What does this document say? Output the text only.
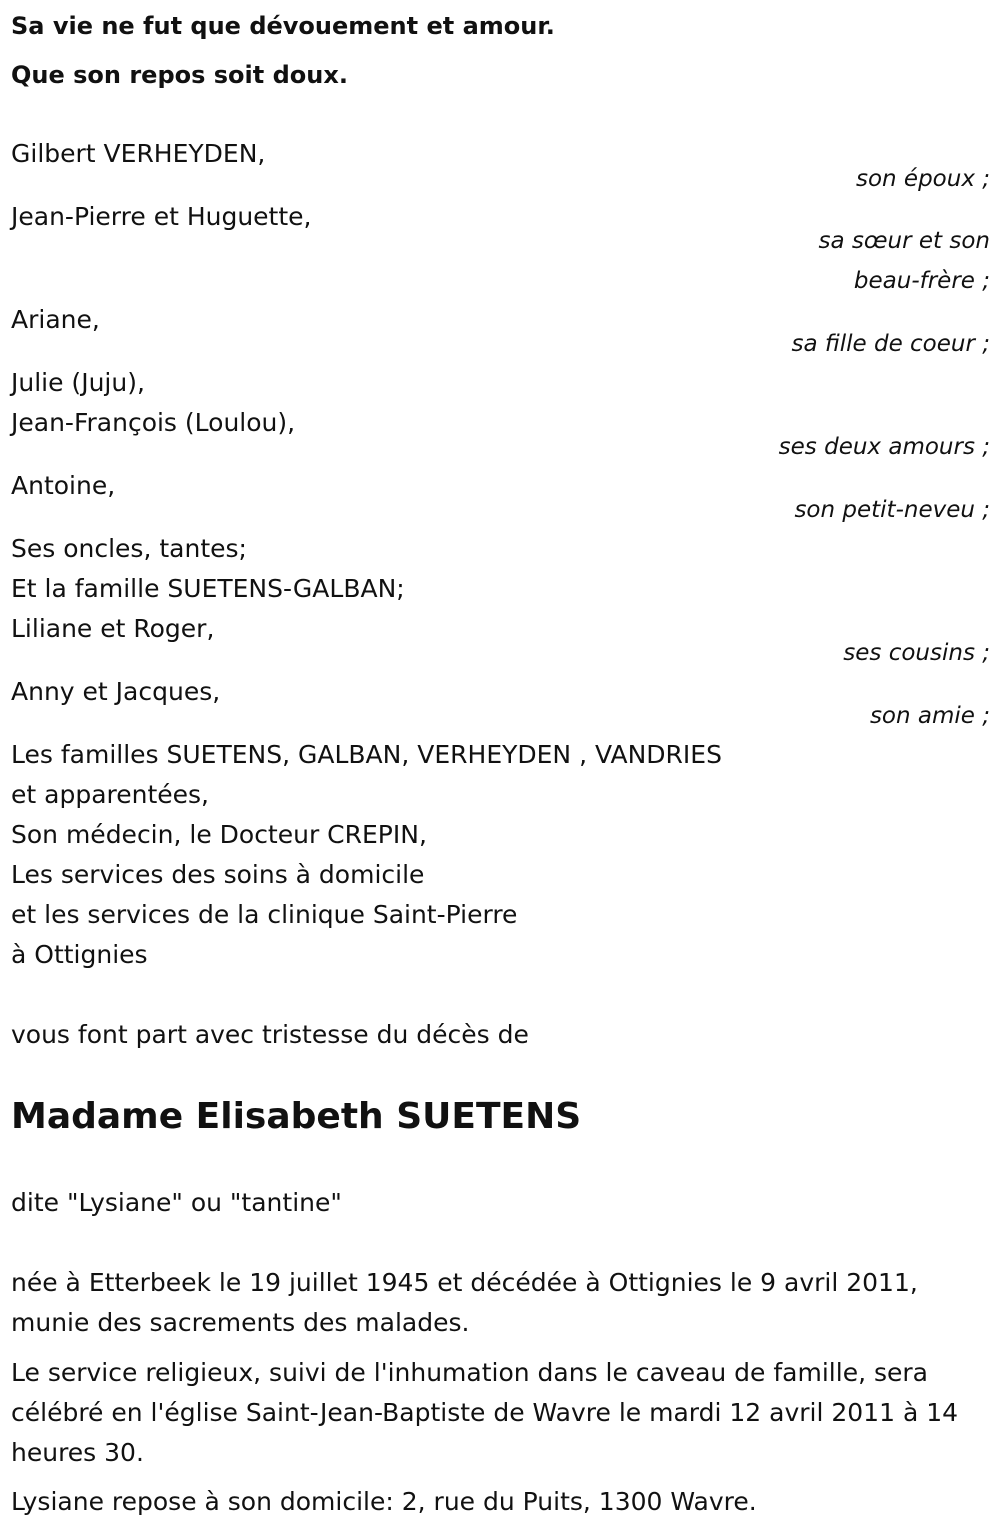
Sa vie ne fut que dévouement et amour.

Que son repos soit doux.

Gilbert VERHEYDEN,

son époux ;

Jean-Pierre et Huguette,

sa sœur et son

beau-frère ;

Ariane,

sa fille de coeur ;

Julie (Juju),

Jean-François (Loulou),

ses deux amours ;

Antoine,

son petit-neveu ;

Ses oncles, tantes;

Et la famille SUETENS-GALBAN;

Liliane et Roger,

ses cousins ;

Anny et Jacques,

son amie ;

Les familles SUETENS, GALBAN, VERHEYDEN , VANDRIES

et apparentées,

Son médecin, le Docteur CREPIN,

Les services des soins à domicile

et les services de la clinique Saint-Pierre

à Ottignies

vous font part avec tristesse du décès de

Madame Elisabeth SUETENS

dite "Lysiane" ou "tantine"

née à Etterbeek le 19 juillet 1945 et décédée à Ottignies le 9 avril 2011,

munie des sacrements des malades.

Le service religieux, suivi de l'inhumation dans le caveau de famille, sera

célébré en l'église Saint-Jean-Baptiste de Wavre le mardi 12 avril 2011 à 14

heures 30.

Lysiane repose à son domicile: 2, rue du Puits, 1300 Wavre.
